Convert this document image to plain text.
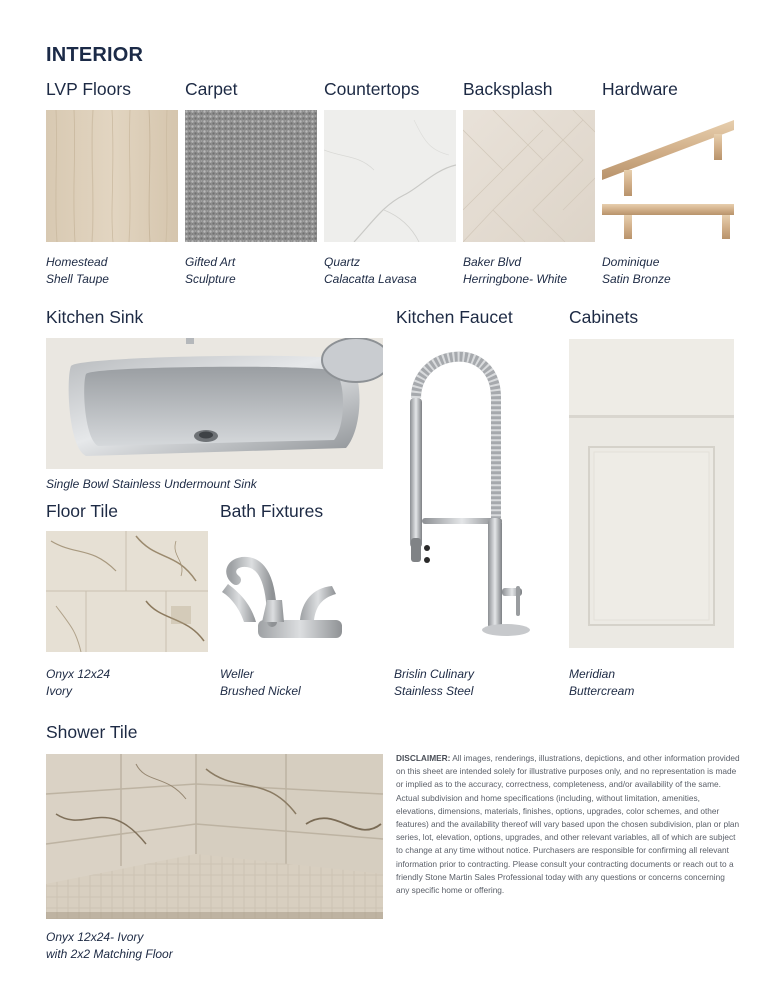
INTERIOR
LVP Floors
Homestead
Shell Taupe
Carpet
Gifted Art
Sculpture
Countertops
Quartz
Calacatta Lavasa
Backsplash
Baker Blvd
Herringbone- White
Hardware
Dominique
Satin Bronze
Kitchen Sink
Single Bowl Stainless Undermount Sink
Kitchen Faucet
Brislin Culinary
Stainless Steel
Cabinets
Meridian
Buttercream
Floor Tile
Onyx 12x24
Ivory
Bath Fixtures
Weller
Brushed Nickel
Shower Tile
Onyx 12x24- Ivory
with 2x2 Matching Floor
DISCLAIMER: All images, renderings, illustrations, depictions, and other information provided on this sheet are intended solely for illustrative purposes only, and no representation is made or implied as to the accuracy, correctness, completeness, and/or availability of the same. Actual subdivision and home specifications (including, without limitation, amenities, elevations, dimensions, materials, finishes, options, upgrades, color schemes, and other features) and the availability thereof will vary based upon the chosen subdivision, plan or plan series, lot, elevation, options, upgrades, and other relevant variables, all of which are subject to change at any time without notice. Purchasers are responsible for confirming all relevant information prior to contracting. Please consult your contracting documents or reach out to a friendly Stone Martin Sales Professional today with any questions or concerns concerning any specific home or offering.
